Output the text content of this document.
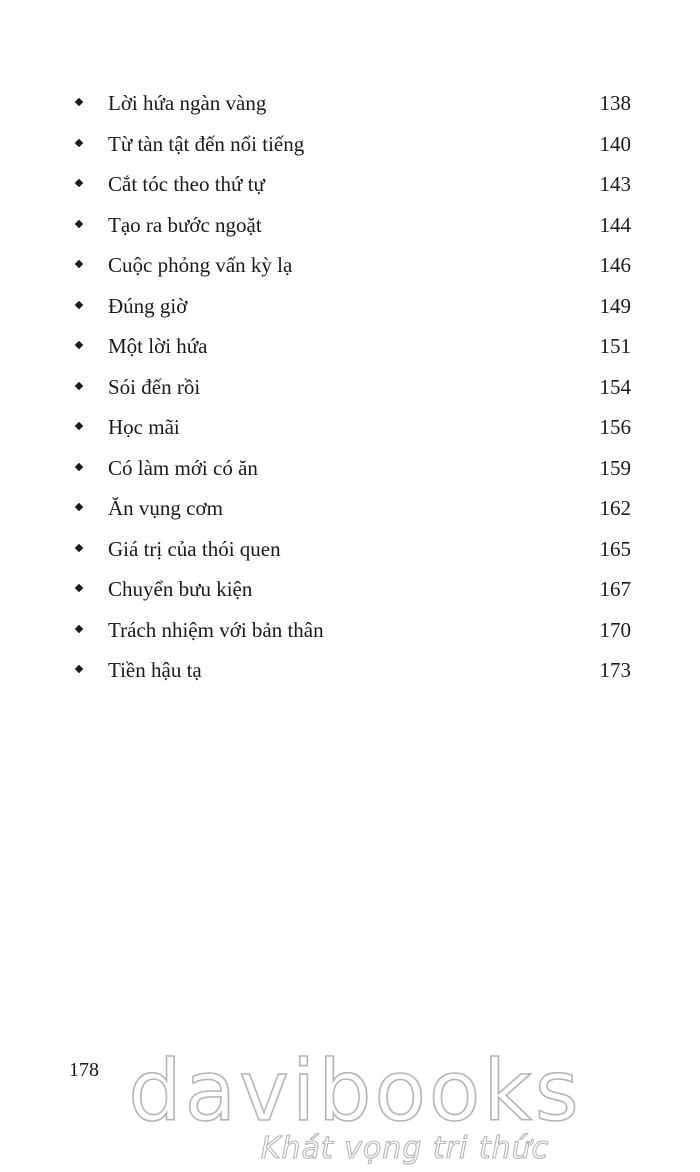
Lời hứa ngàn vàng	138
Từ tàn tật đến nổi tiếng	140
Cắt tóc theo thứ tự	143
Tạo ra bước ngoặt	144
Cuộc phỏng vấn kỳ lạ	146
Đúng giờ	149
Một lời hứa	151
Sói đến rồi	154
Học mãi	156
Có làm mới có ăn	159
Ăn vụng cơm	162
Giá trị của thói quen	165
Chuyển bưu kiện	167
Trách nhiệm với bản thân	170
Tiền hậu tạ	173
178 davibooks
Khát vọng tri thức
